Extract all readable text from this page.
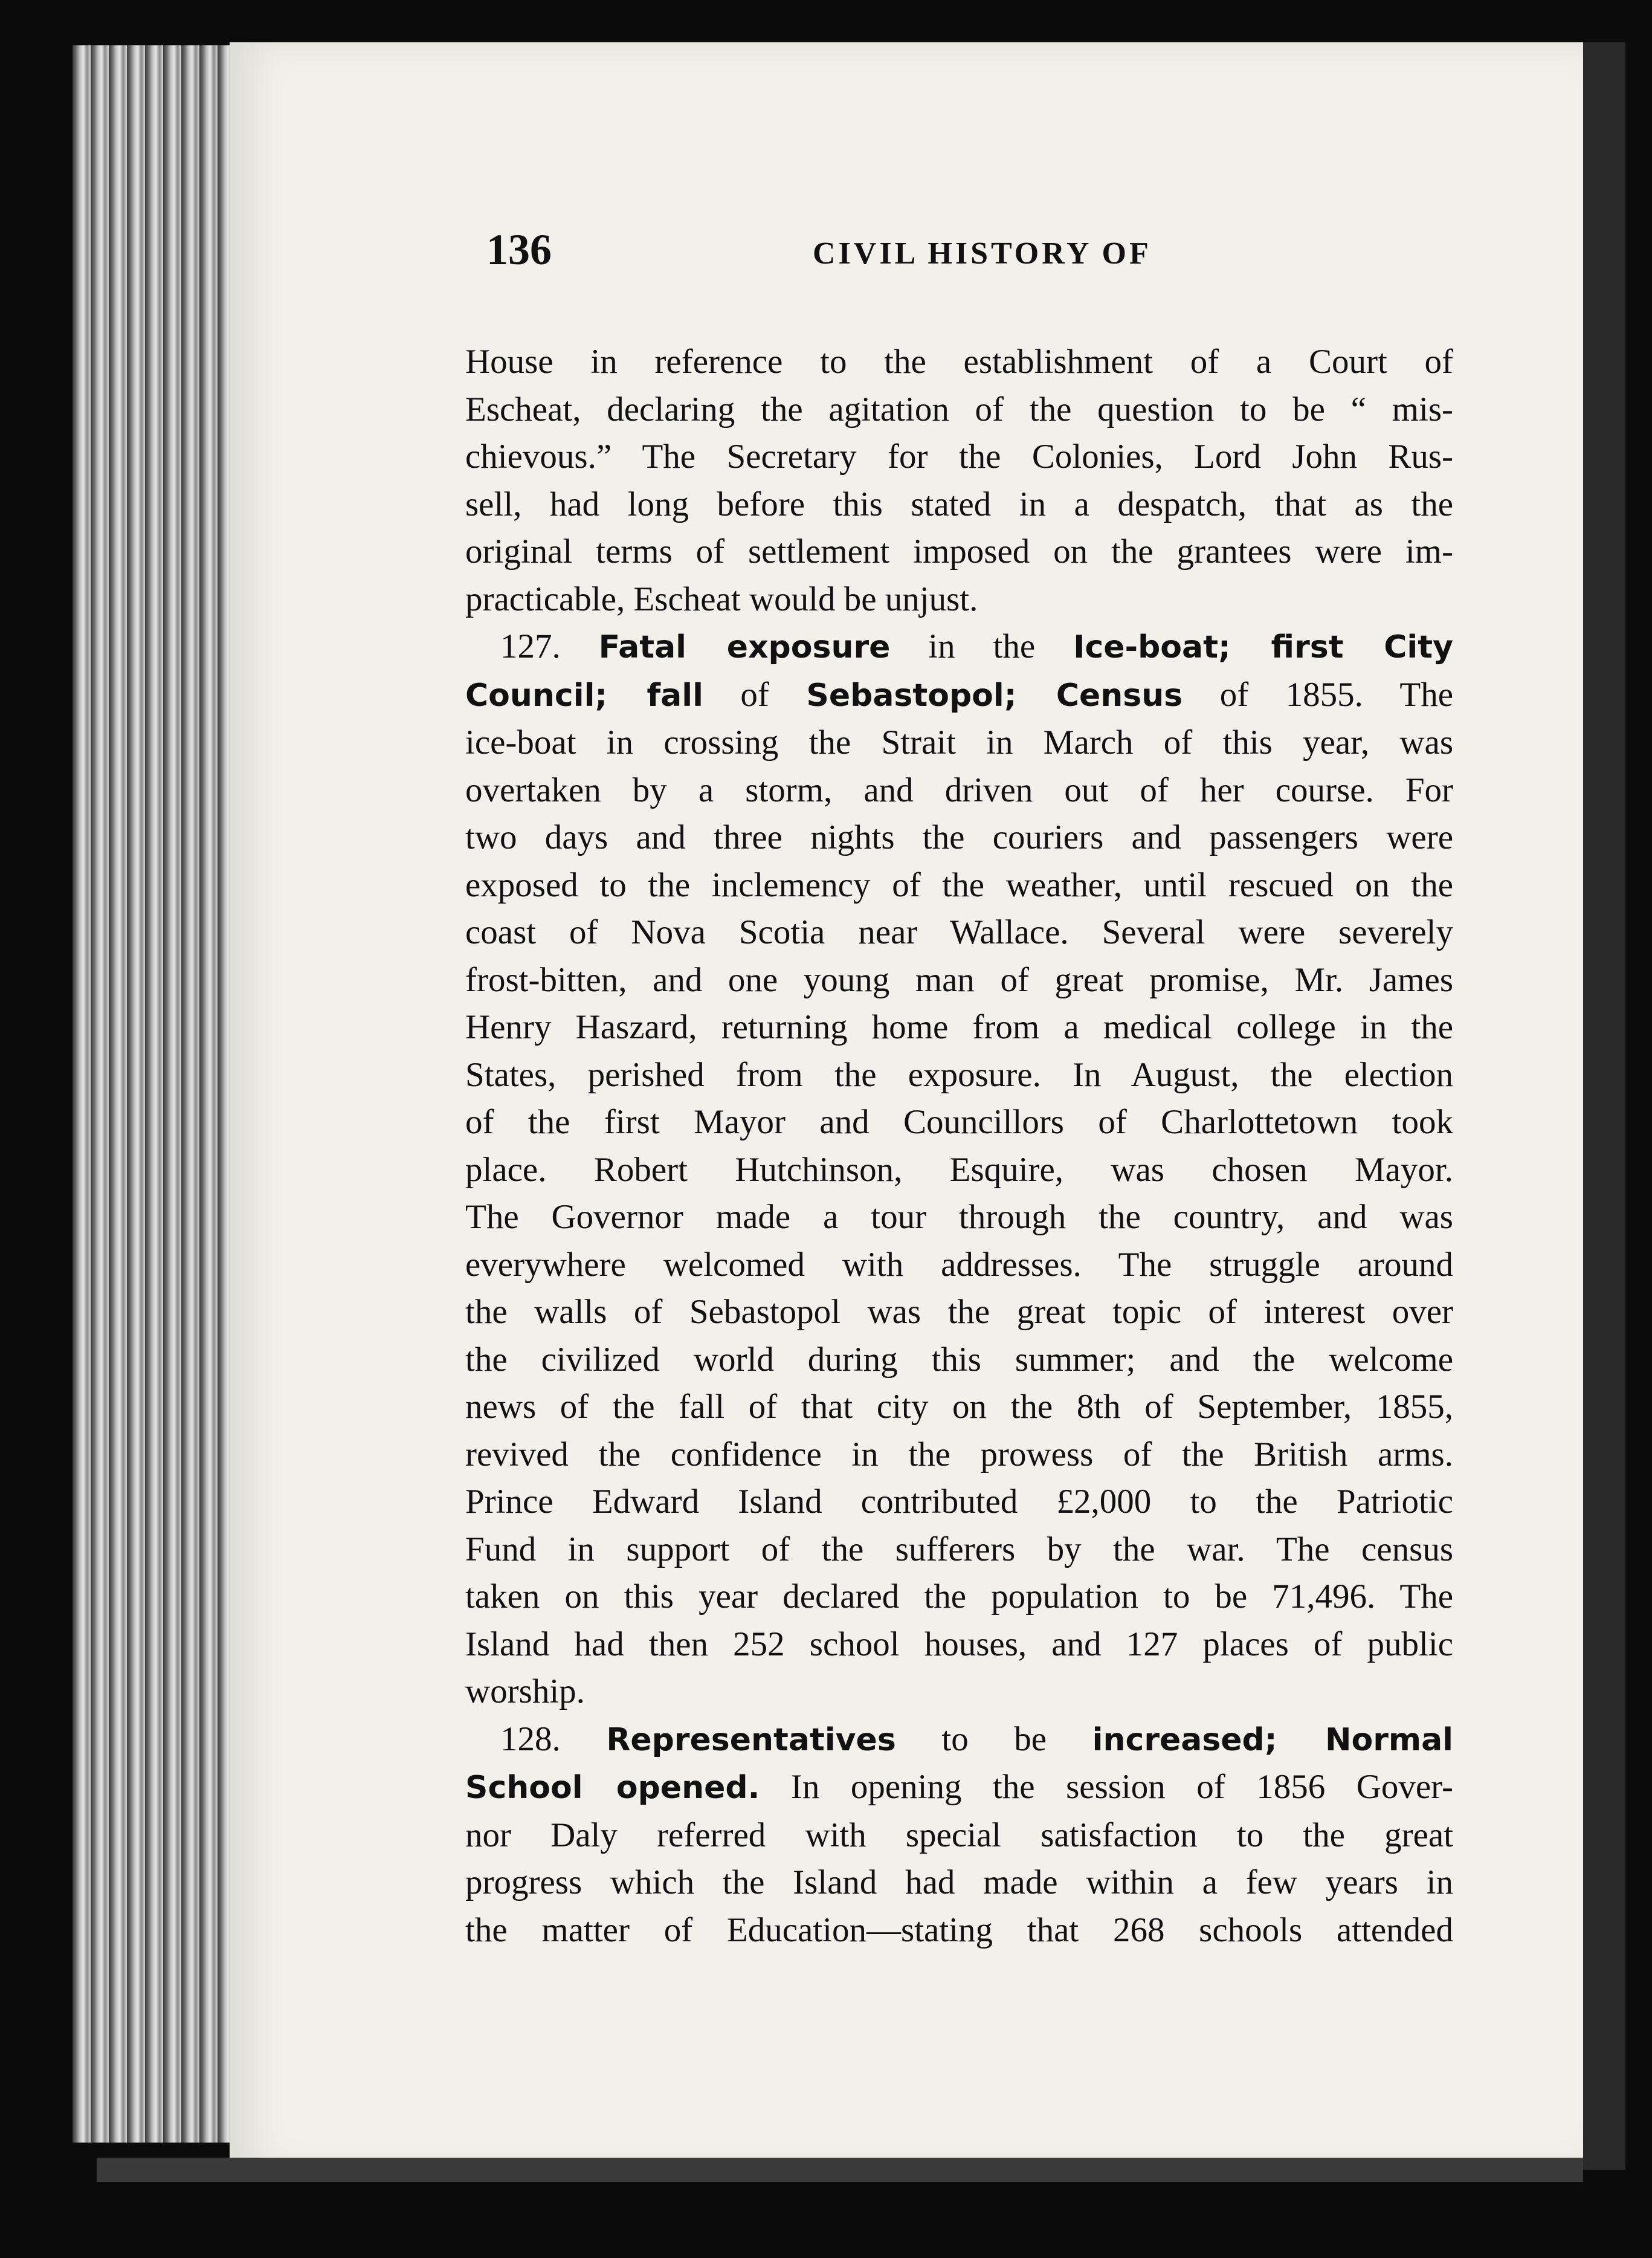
136	CIVIL HISTORY OF
House in reference to the establishment of a Court of
Escheat, declaring the agitation of the question to be “ mis-
chievous.” The Secretary for the Colonies, Lord John Rus-
sell, had long before this stated in a despatch, that as the
original terms of settlement imposed on the grantees were im-
practicable, Escheat would be unjust.
127. Fatal exposure in the Ice-boat; first City
Council; fall of Sebastopol; Census of 1855. The
ice-boat in crossing the Strait in March of this year, was
overtaken by a storm, and driven out of her course. For
two days and three nights the couriers and passengers were
exposed to the inclemency of the weather, until rescued on the
coast of Nova Scotia near Wallace. Several were severely
frost-bitten, and one young man of great promise, Mr. James
Henry Haszard, returning home from a medical college in the
States, perished from the exposure. In August, the election
of the first Mayor and Councillors of Charlottetown took
place. Robert Hutchinson, Esquire, was chosen Mayor.
The Governor made a tour through the country, and was
everywhere welcomed with addresses. The struggle around
the walls of Sebastopol was the great topic of interest over
the civilized world during this summer; and the welcome
news of the fall of that city on the 8th of September, 1855,
revived the confidence in the prowess of the British arms.
Prince Edward Island contributed £2,000 to the Patriotic
Fund in support of the sufferers by the war. The census
taken on this year declared the population to be 71,496. The
Island had then 252 school houses, and 127 places of public
worship.
128. Representatives to be increased; Normal
School opened. In opening the session of 1856 Gover-
nor Daly referred with special satisfaction to the great
progress which the Island had made within a few years in
the matter of Education—stating that 268 schools attended
